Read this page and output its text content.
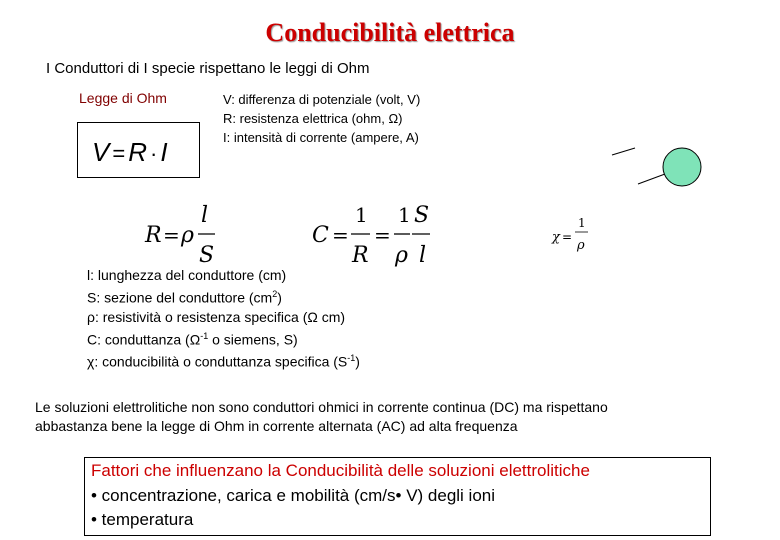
Conducibilità elettrica
I Conduttori di I specie rispettano le leggi di Ohm
Legge di Ohm	V: differenza di potenziale (volt, V)
R: resistenza elettrica (ohm, Ω)
I: intensità di corrente (ampere, A)
V = R · I
R = ρ
l
S
C =
1
R
=
1
ρ
S
l
χ =
1
ρ
l: lunghezza del conduttore (cm)
S: sezione del conduttore $(cm^2)$
ρ: resistività o resistenza specifica (Ω cm)
C: conduttanza ($\Omega^{-1}$ o siemens, S)
χ: conducibilità o conduttanza specifica $(S^{-1})$
Le soluzioni elettrolitiche non sono conduttori ohmici in corrente continua (DC) ma rispettano
abbastanza bene la legge di Ohm in corrente alternata (AC) ad alta frequenza
Fattori che influenzano la Conducibilità delle soluzioni elettrolitiche
• concentrazione, carica e mobilità (cm/s• V) degli ioni
• temperatura
